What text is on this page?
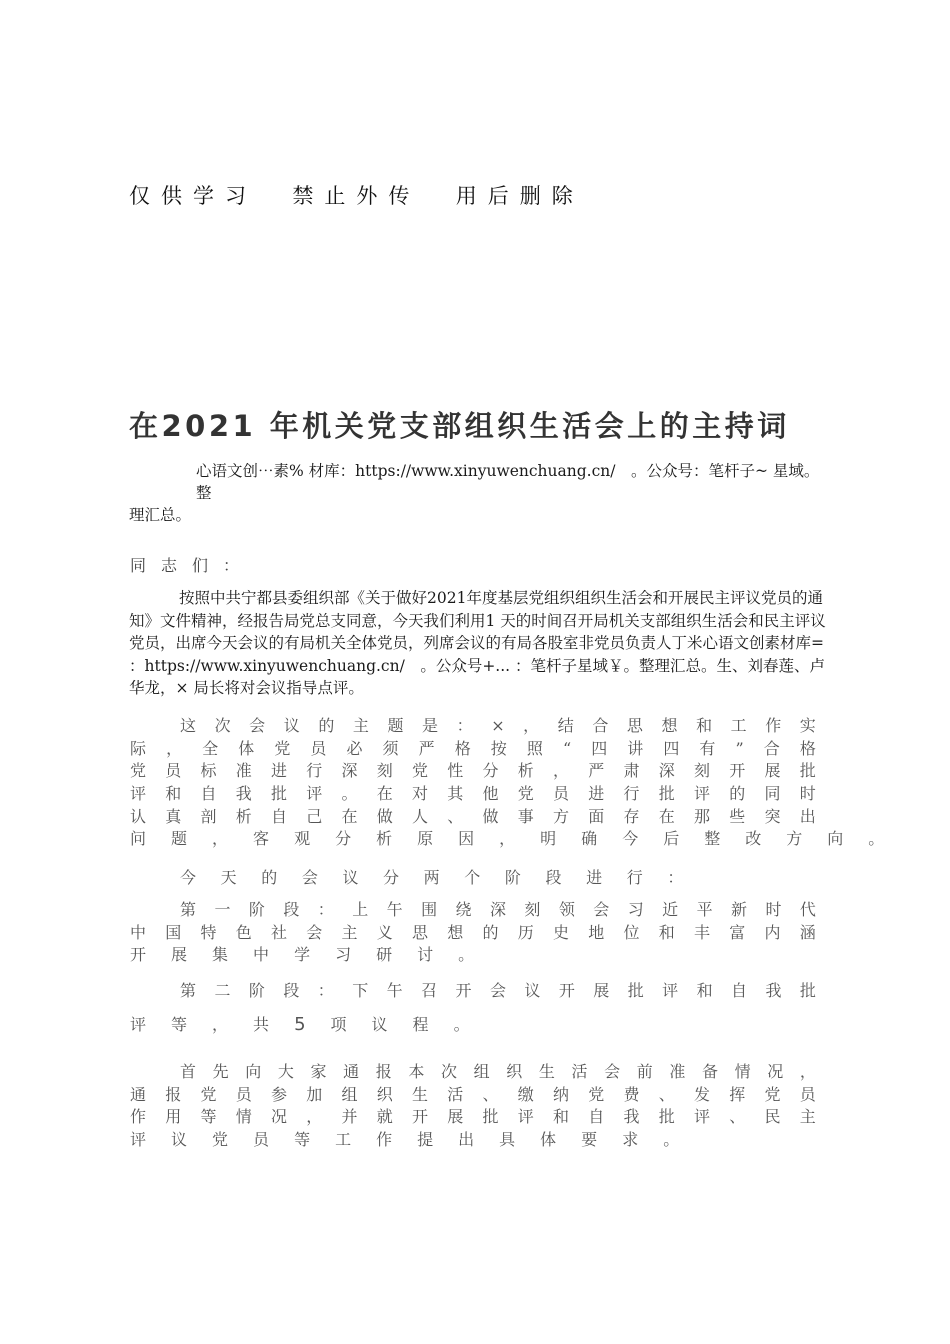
仅供学习  禁止外传  用后删除
在2021 年机关党支部组织生活会上的主持词
心语文创⋯素% 材库：https://www.xinyuwenchuang.cn/　。公众号：笔杆子~ 星域。整
理汇总。
同志们：
按照中共宁都县委组织部《关于做好2021年度基层党组织组织生活会和开展民主评议党员的通知》文件精神，经报告局党总支同意，今天我们利用1 天的时间召开局机关支部组织生活会和民主评议党员，出席今天会议的有局机关全体党员，列席会议的有局各股室非党员负责人丁米心语文创素材库= ：https://www.xinyuwenchuang.cn/　。公众号+... ：笔杆子星域￥。整理汇总。生、刘春莲、卢华龙，× 局长将对会议指导点评。
这 次 会 议 的 主 题 是 ： × ， 结 合 思 想 和 工 作 实
际 ， 全 体 党 员 必 须 严 格 按 照 “ 四 讲 四 有 ” 合 格
党 员 标 准 进 行 深 刻 党 性 分 析 ， 严 肃 深 刻 开 展 批
评 和 自 我 批 评 。 在 对 其 他 党 员 进 行 批 评 的 同 时
认 真 剖 析 自 己 在 做 人 、 做 事 方 面 存 在 那 些 突 出
问 题 ， 客 观 分 析 原 因 ， 明 确 今 后 整 改 方 向 。
今 天 的 会 议 分 两 个 阶 段 进 行 ：
第 一 阶 段 ： 上 午 围 绕 深 刻 领 会 习 近 平 新 时 代
中 国 特 色 社 会 主 义 思 想 的 历 史 地 位 和 丰 富 内 涵
开 展 集 中 学 习 研 讨 。
第 二 阶 段 ： 下 午 召 开 会 议 开 展 批 评 和 自 我 批
评 等 ， 共	5 项 议 程 。
首 先 向 大 家 通 报 本 次 组 织 生 活 会 前 准 备 情 况 ，
通 报 党 员 参 加 组 织 生 活 、 缴 纳 党 费 、 发 挥 党 员
作 用 等 情 况 ， 并 就 开 展 批 评 和 自 我 批 评 、 民 主
评 议 党 员 等 工 作 提 出 具 体 要 求 。
